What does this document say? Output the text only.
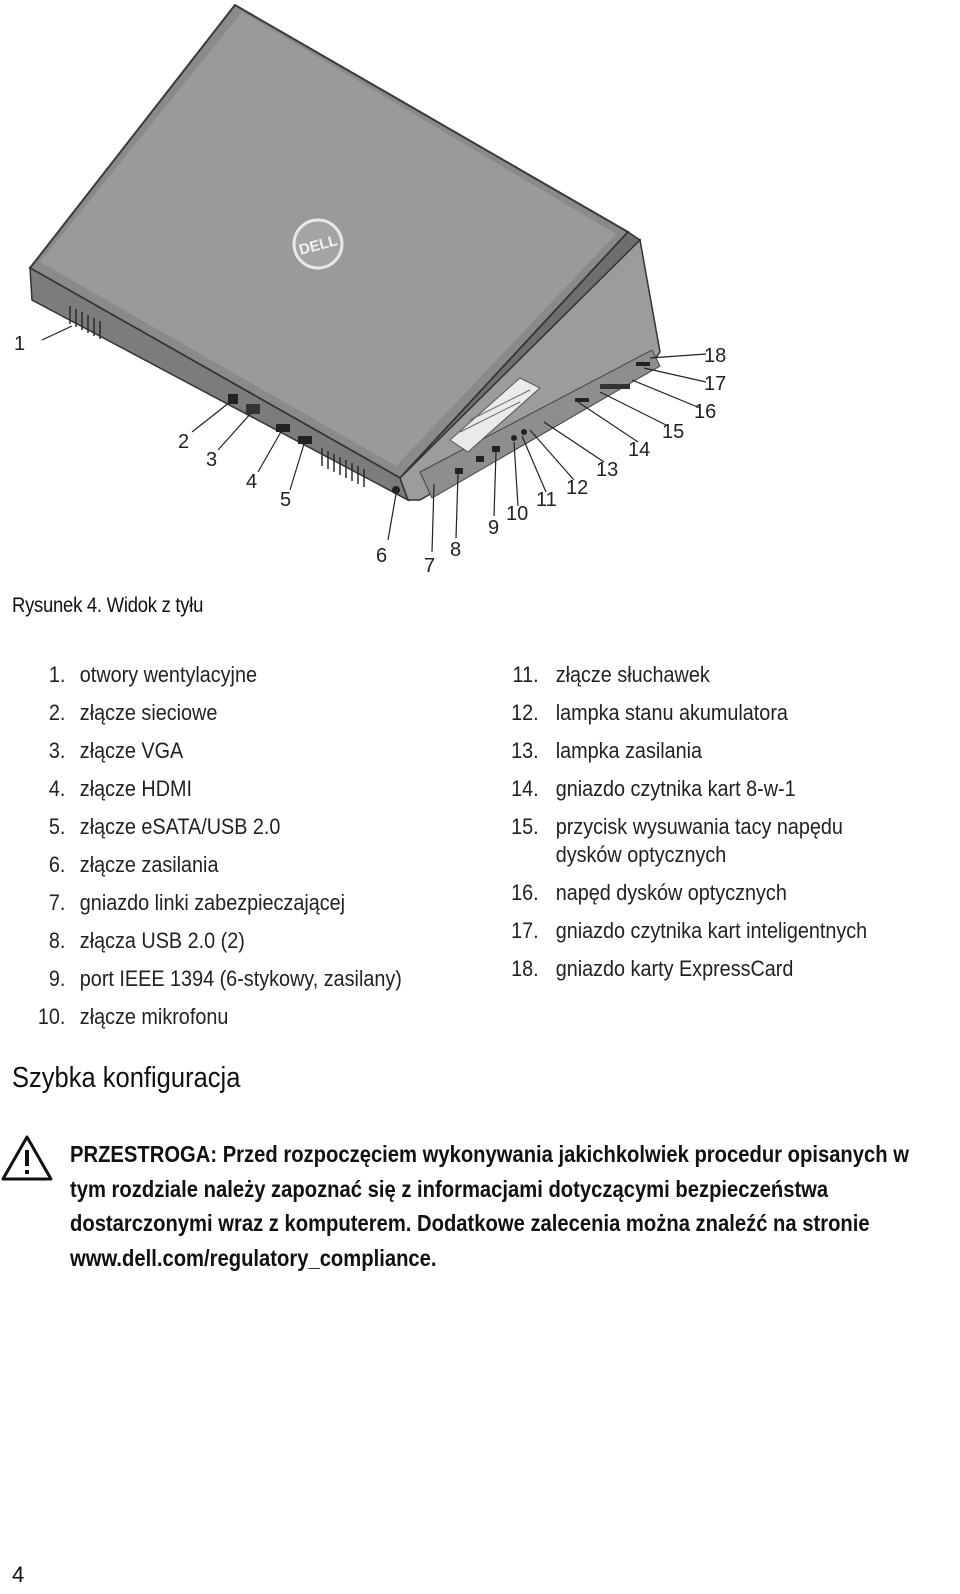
DELL
1
2
3
4
5
6 7
8
9
10
11
12
13
14
15
16
17
18
Rysunek 4. Widok z tyłu
1. otwory wentylacyjne
2. złącze sieciowe
3. złącze VGA
4. złącze HDMI
5. złącze eSATA/USB 2.0
6. złącze zasilania
7. gniazdo linki zabezpieczającej
8. złącza USB 2.0 (2)
9. port IEEE 1394 (6-stykowy, zasilany)
10. złącze mikrofonu
11. złącze słuchawek
12. lampka stanu akumulatora
13. lampka zasilania
14. gniazdo czytnika kart 8-w-1
15. przycisk wysuwania tacy napędu dysków optycznych
16. napęd dysków optycznych
17. gniazdo czytnika kart inteligentnych
18. gniazdo karty ExpressCard
Szybka konfiguracja
PRZESTROGA: Przed rozpoczęciem wykonywania jakichkolwiek procedur opisanych w tym rozdziale należy zapoznać się z informacjami dotyczącymi bezpieczeństwa dostarczonymi wraz z komputerem. Dodatkowe zalecenia można znaleźć na stronie www.dell.com/regulatory_compliance.
4
